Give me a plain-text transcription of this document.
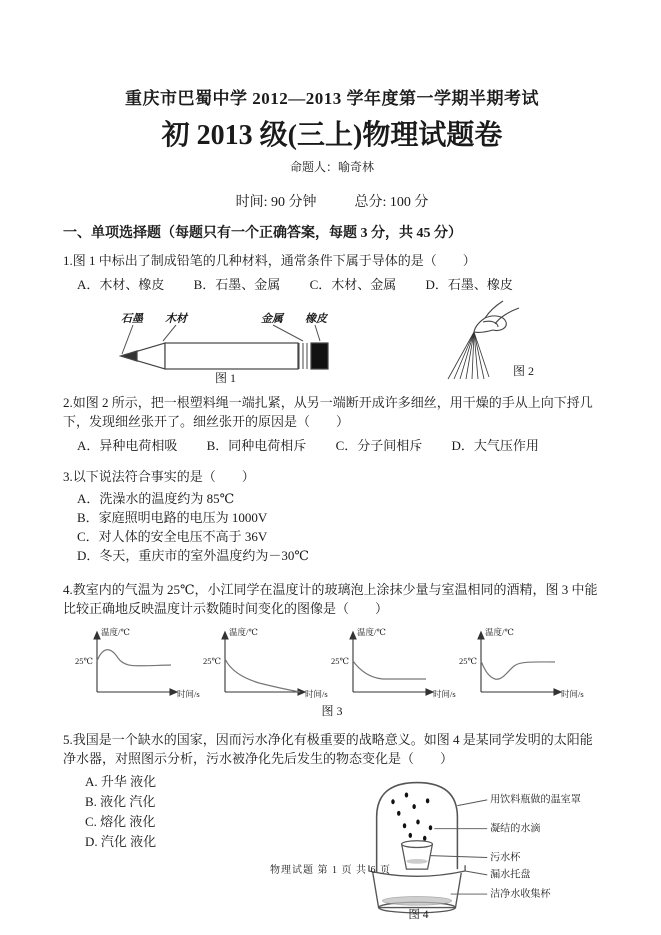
重庆市巴蜀中学 2012—2013 学年度第一学期半期考试
初 2013 级(三上)物理试题卷
命题人：喻奇林
时间: 90 分钟	总分: 100 分
一、单项选择题（每题只有一个正确答案，每题 3 分，共 45 分）
1.图 1 中标出了制成铅笔的几种材料，通常条件下属于导体的是（　　）
A．木材、橡皮 B．石墨、金属 C．木材、金属 D．石墨、橡皮
石墨 木材	金属 橡皮
图 1	图 2
2.如图 2 所示，把一根塑料绳一端扎紧，从另一端断开成许多细丝，用干燥的手从上向下捋几下，发现细丝张开了。细丝张开的原因是（　　）
A．异种电荷相吸 B．同种电荷相斥 C．分子间相斥 D．大气压作用
3.以下说法符合事实的是（　　）
A．洗澡水的温度约为 85℃
B．家庭照明电路的电压为 1000V
C．对人体的安全电压不高于 36V
D．冬天，重庆市的室外温度约为－30℃
4.教室内的气温为 25℃，小江同学在温度计的玻璃泡上涂抹少量与室温相同的酒精，图 3 中能比较正确地反映温度计示数随时间变化的图像是（　　）
温度/℃
25℃
时间/s
温度/℃
25℃
时间/s
温度/℃
25℃
时间/s
温度/℃
25℃
时间/s
图 3
5.我国是一个缺水的国家，因而污水净化有极重要的战略意义。如图 4 是某同学发明的太阳能净水器，对照图示分析，污水被净化先后发生的物态变化是（　　）
A. 升华 液化
B. 液化 汽化
C. 熔化 液化
D. 汽化 液化
用饮料瓶做的温室罩
凝结的水滴
污水杯
漏水托盘
洁净水收集杯
图 4
物理试题 第 1 页 共 6 页
